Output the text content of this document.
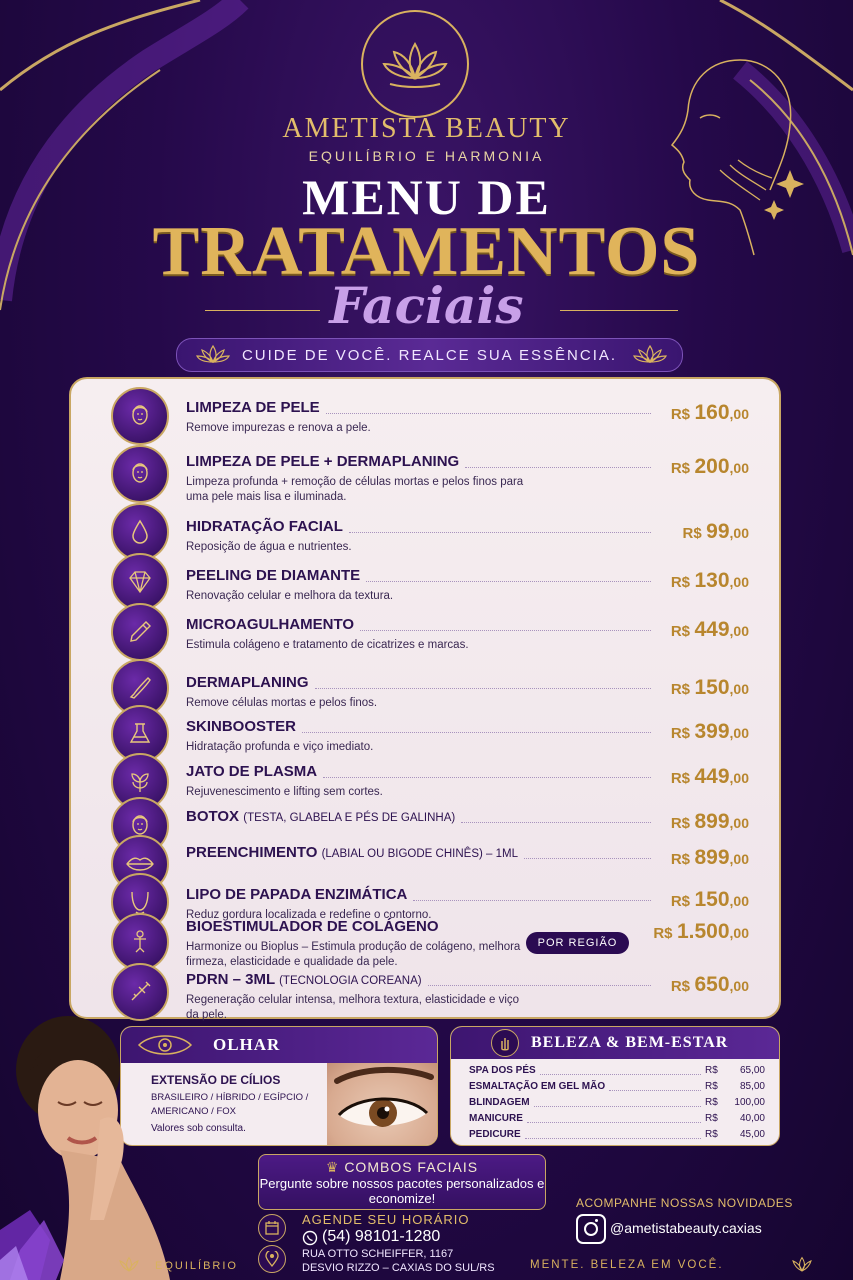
AMETISTA BEAUTY
EQUILÍBRIO E HARMONIA
MENU DE
TRATAMENTOS
Faciais
CUIDE DE VOCÊ. REALCE SUA ESSÊNCIA.
LIMPEZA DE PELE
Remove impurezas e renova a pele.
R$ 160,00
LIMPEZA DE PELE + DERMAPLANING
Limpeza profunda + remoção de células mortas e pelos finos para uma pele mais lisa e iluminada.
R$ 200,00
HIDRATAÇÃO FACIAL
Reposição de água e nutrientes.
R$ 99,00
PEELING DE DIAMANTE
Renovação celular e melhora da textura.
R$ 130,00
MICROAGULHAMENTO
Estimula colágeno e tratamento de cicatrizes e marcas.
R$ 449,00
DERMAPLANING
Remove células mortas e pelos finos.
R$ 150,00
SKINBOOSTER
Hidratação profunda e viço imediato.
R$ 399,00
JATO DE PLASMA
Rejuvenescimento e lifting sem cortes.
R$ 449,00
BOTOX (TESTA, GLABELA E PÉS DE GALINHA)	R$ 899,00
PREENCHIMENTO (LABIAL OU BIGODE CHINÊS) – 1ML	R$ 899,00
LIPO DE PAPADA ENZIMÁTICA
Reduz gordura localizada e redefine o contorno.
R$ 150,00
BIOESTIMULADOR DE COLÁGENO
Harmonize ou Bioplus – Estimula produção de colágeno, melhora firmeza, elasticidade e qualidade da pele.
R$ 1.500,00
POR REGIÃO
PDRN – 3ML (TECNOLOGIA COREANA)
Regeneração celular intensa, melhora textura, elasticidade e viço da pele.
R$ 650,00
OLHAR
EXTENSÃO DE CÍLIOS
BRASILEIRO / HÍBRIDO / EGÍPCIO / AMERICANO / FOX
Valores sob consulta.
BELEZA & BEM-ESTAR
SPA DOS PÉS	R$ 65,00
ESMALTAÇÃO EM GEL MÃO	R$ 85,00
BLINDAGEM	R$ 100,00
MANICURE	R$ 40,00
PEDICURE	R$ 45,00
♛ COMBOS FACIAIS
Pergunte sobre nossos pacotes personalizados e economize!
AGENDE SEU HORÁRIO
(54) 98101-1280
RUA OTTO SCHEIFFER, 1167
DESVIO RIZZO – CAXIAS DO SUL/RS
ACOMPANHE NOSSAS NOVIDADES
@ametistabeauty.caxias
EQUILÍBRIO	MENTE. BELEZA EM VOCÊ.
